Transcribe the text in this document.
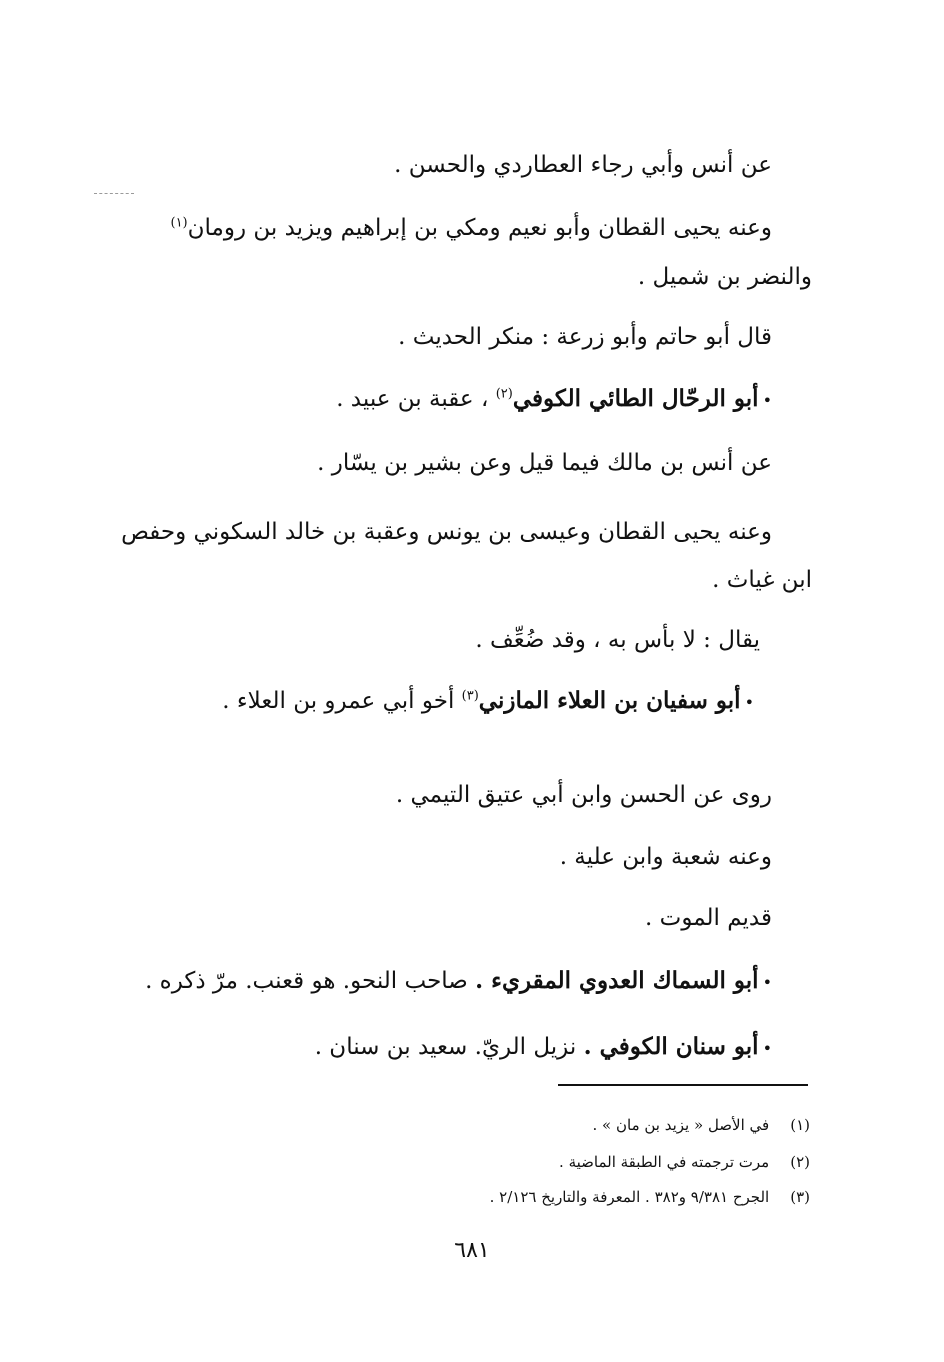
عن أنس وأبي رجاء العطاردي والحسن .
وعنه يحيى القطان وأبو نعيم ومكي بن إبراهيم ويزيد بن رومان$^{(١)}$
والنضر بن شميل .
قال أبو حاتم وأبو زرعة : منكر الحديث .
•أبو الرحّال الطائي الكوفي$^{(٢)}$ ، عقبة بن عبيد .
عن أنس بن مالك فيما قيل وعن بشير بن يسّار .
وعنه يحيى القطان وعيسى بن يونس وعقبة بن خالد السكوني وحفص
ابن غياث .
يقال : لا بأس به ، وقد ضُعِّف .
•أبو سفيان بن العلاء المازني$^{(٣)}$ أخو أبي عمرو بن العلاء .
روى عن الحسن وابن أبي عتيق التيمي .
وعنه شعبة وابن علية .
قديم الموت .
•أبو السماك العدوي المقريء . صاحب النحو. هو قعنب. مرّ ذكره .
•أبو سنان الكوفي . نزيل الريّ. سعيد بن سنان .
(١) في الأصل « يزيد بن مان » .
(٢) مرت ترجمته في الطبقة الماضية .
(٣) الجرح ٩/٣٨١ و٣٨٢ . المعرفة والتاريخ ٢/١٢٦ .
٦٨١
